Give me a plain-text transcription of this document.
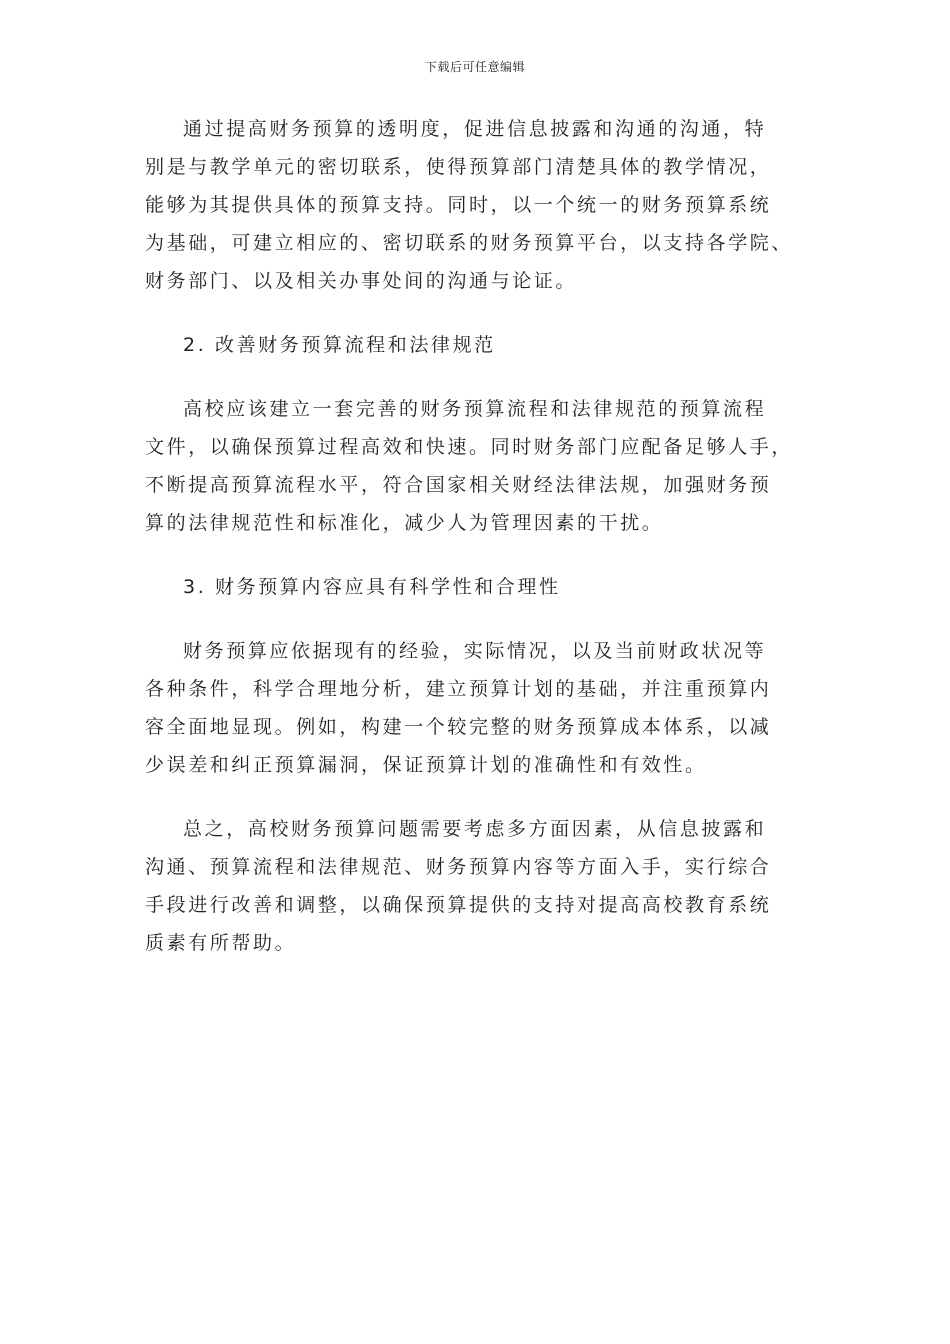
下载后可任意编辑

通过提高财务预算的透明度，促进信息披露和沟通的沟通，特
别是与教学单元的密切联系，使得预算部门清楚具体的教学情况，
能够为其提供具体的预算支持。同时，以一个统一的财务预算系统
为基础，可建立相应的、密切联系的财务预算平台，以支持各学院、
财务部门、以及相关办事处间的沟通与论证。

2. 改善财务预算流程和法律规范

高校应该建立一套完善的财务预算流程和法律规范的预算流程
文件，以确保预算过程高效和快速。同时财务部门应配备足够人手，
不断提高预算流程水平，符合国家相关财经法律法规，加强财务预
算的法律规范性和标准化，减少人为管理因素的干扰。

3. 财务预算内容应具有科学性和合理性

财务预算应依据现有的经验，实际情况，以及当前财政状况等
各种条件，科学合理地分析，建立预算计划的基础，并注重预算内
容全面地显现。例如，构建一个较完整的财务预算成本体系，以减
少误差和纠正预算漏洞，保证预算计划的准确性和有效性。

总之，高校财务预算问题需要考虑多方面因素，从信息披露和
沟通、预算流程和法律规范、财务预算内容等方面入手，实行综合
手段进行改善和调整，以确保预算提供的支持对提高高校教育系统
质素有所帮助。
